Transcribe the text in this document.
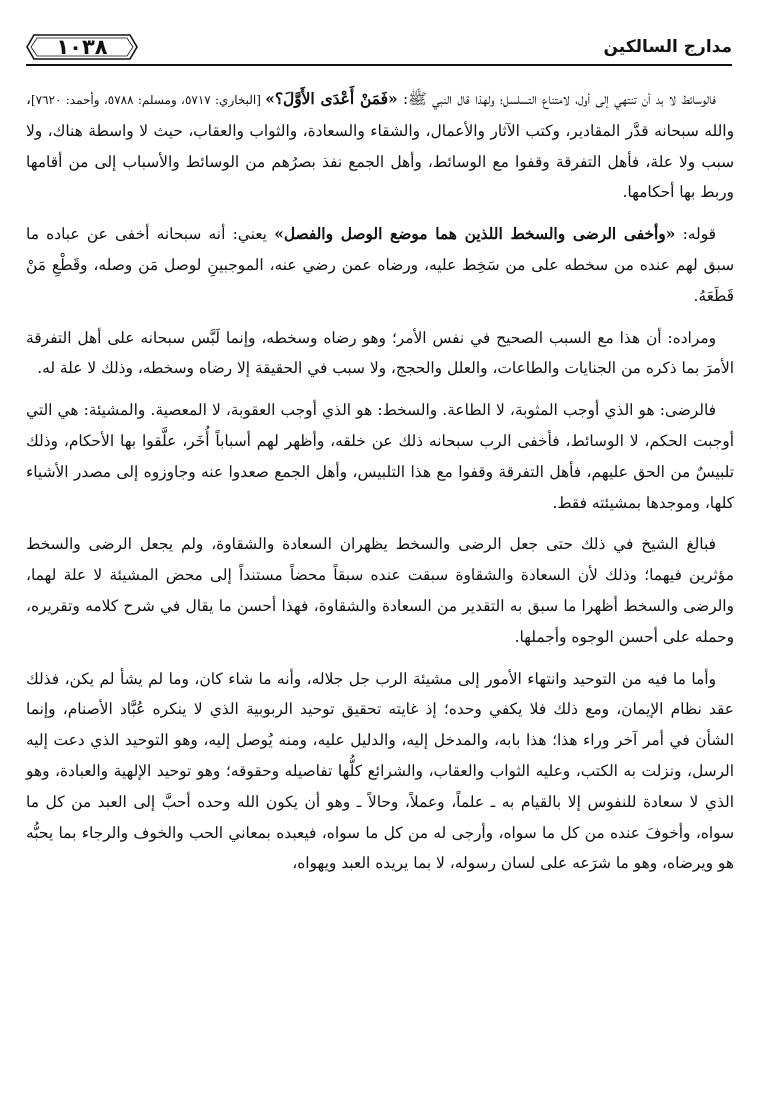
١٠٣٨	مدارج السالكين

فالوسائط لا بد أن تنتهي إلى أول، لامتناع التسلسل؛ ولهذا قال النبي ﷺ: «فَمَنْ أَعْدَى الأَوَّلَ؟» [البخاري: ٥٧١٧، ومسلم: ٥٧٨٨، وأحمد: ٧٦٢٠]، والله سبحانه قدَّر المقادير، وكتب الآثار والأعمال، والشقاء والسعادة، والثواب والعقاب، حيث لا واسطة هناك، ولا سبب ولا علة، فأهل التفرقة وقفوا مع الوسائط، وأهل الجمع نفذ بصرُهم من الوسائط والأسباب إلى من أقامها وربط بها أحكامها.

قوله: «وأخفى الرضى والسخط اللذين هما موضع الوصل والفصل» يعني: أنه سبحانه أخفى عن عباده ما سبق لهم عنده من سخطه على من سَخِط عليه، ورضاه عمن رضي عنه، الموجبينِ لوصل مَن وصله، وقَطْعِ مَنْ قَطَعَهُ.

ومراده: أن هذا مع السبب الصحيح في نفس الأمر؛ وهو رضاه وسخطه، وإنما لَبَّس سبحانه على أهل التفرقة الأمرَ بما ذكره من الجنايات والطاعات، والعلل والحجج، ولا سبب في الحقيقة إلا رضاه وسخطه، وذلك لا علة له.

فالرضى: هو الذي أوجب المثوبة، لا الطاعة. والسخط: هو الذي أوجب العقوبة، لا المعصية. والمشيئة: هي التي أوجبت الحكم، لا الوسائط، فأخفى الرب سبحانه ذلك عن خلقه، وأظهر لهم أسباباً أُخَر، علَّقوا بها الأحكام، وذلك تلبيسٌ من الحق عليهم، فأهل التفرقة وقفوا مع هذا التلبيس، وأهل الجمع صعدوا عنه وجاوزوه إلى مصدر الأشياء كلها، وموجدها بمشيئته فقط.

فبالغ الشيخ في ذلك حتى جعل الرضى والسخط يظهران السعادة والشقاوة، ولم يجعل الرضى والسخط مؤثرين فيهما؛ وذلك لأن السعادة والشقاوة سبقت عنده سبقاً محضاً مستنداً إلى محض المشيئة لا علة لهما، والرضى والسخط أظهرا ما سبق به التقدير من السعادة والشقاوة، فهذا أحسن ما يقال في شرح كلامه وتقريره، وحمله على أحسن الوجوه وأجملها.

وأما ما فيه من التوحيد وانتهاء الأمور إلى مشيئة الرب جل جلاله، وأنه ما شاء كان، وما لم يشأ لم يكن، فذلك عقد نظام الإيمان، ومع ذلك فلا يكفي وحده؛ إذ غايته تحقيق توحيد الربوبية الذي لا ينكره عُبَّاد الأصنام، وإنما الشأن في أمر آخر وراء هذا؛ هذا بابه، والمدخل إليه، والدليل عليه، ومنه يُوصل إليه، وهو التوحيد الذي دعت إليه الرسل، ونزلت به الكتب، وعليه الثواب والعقاب، والشرائع كلُّها تفاصيله وحقوقه؛ وهو توحيد الإلهية والعبادة، وهو الذي لا سعادة للنفوس إلا بالقيام به ـ علماً، وعملاً، وحالاً ـ وهو أن يكون الله وحده أحبَّ إلى العبد من كل ما سواه، وأخوفَ عنده من كل ما سواه، وأرجى له من كل ما سواه، فيعبده بمعاني الحب والخوف والرجاء بما يحبُّه هو ويرضاه، وهو ما شرَعه على لسان رسوله، لا بما يريده العبد ويهواه،
